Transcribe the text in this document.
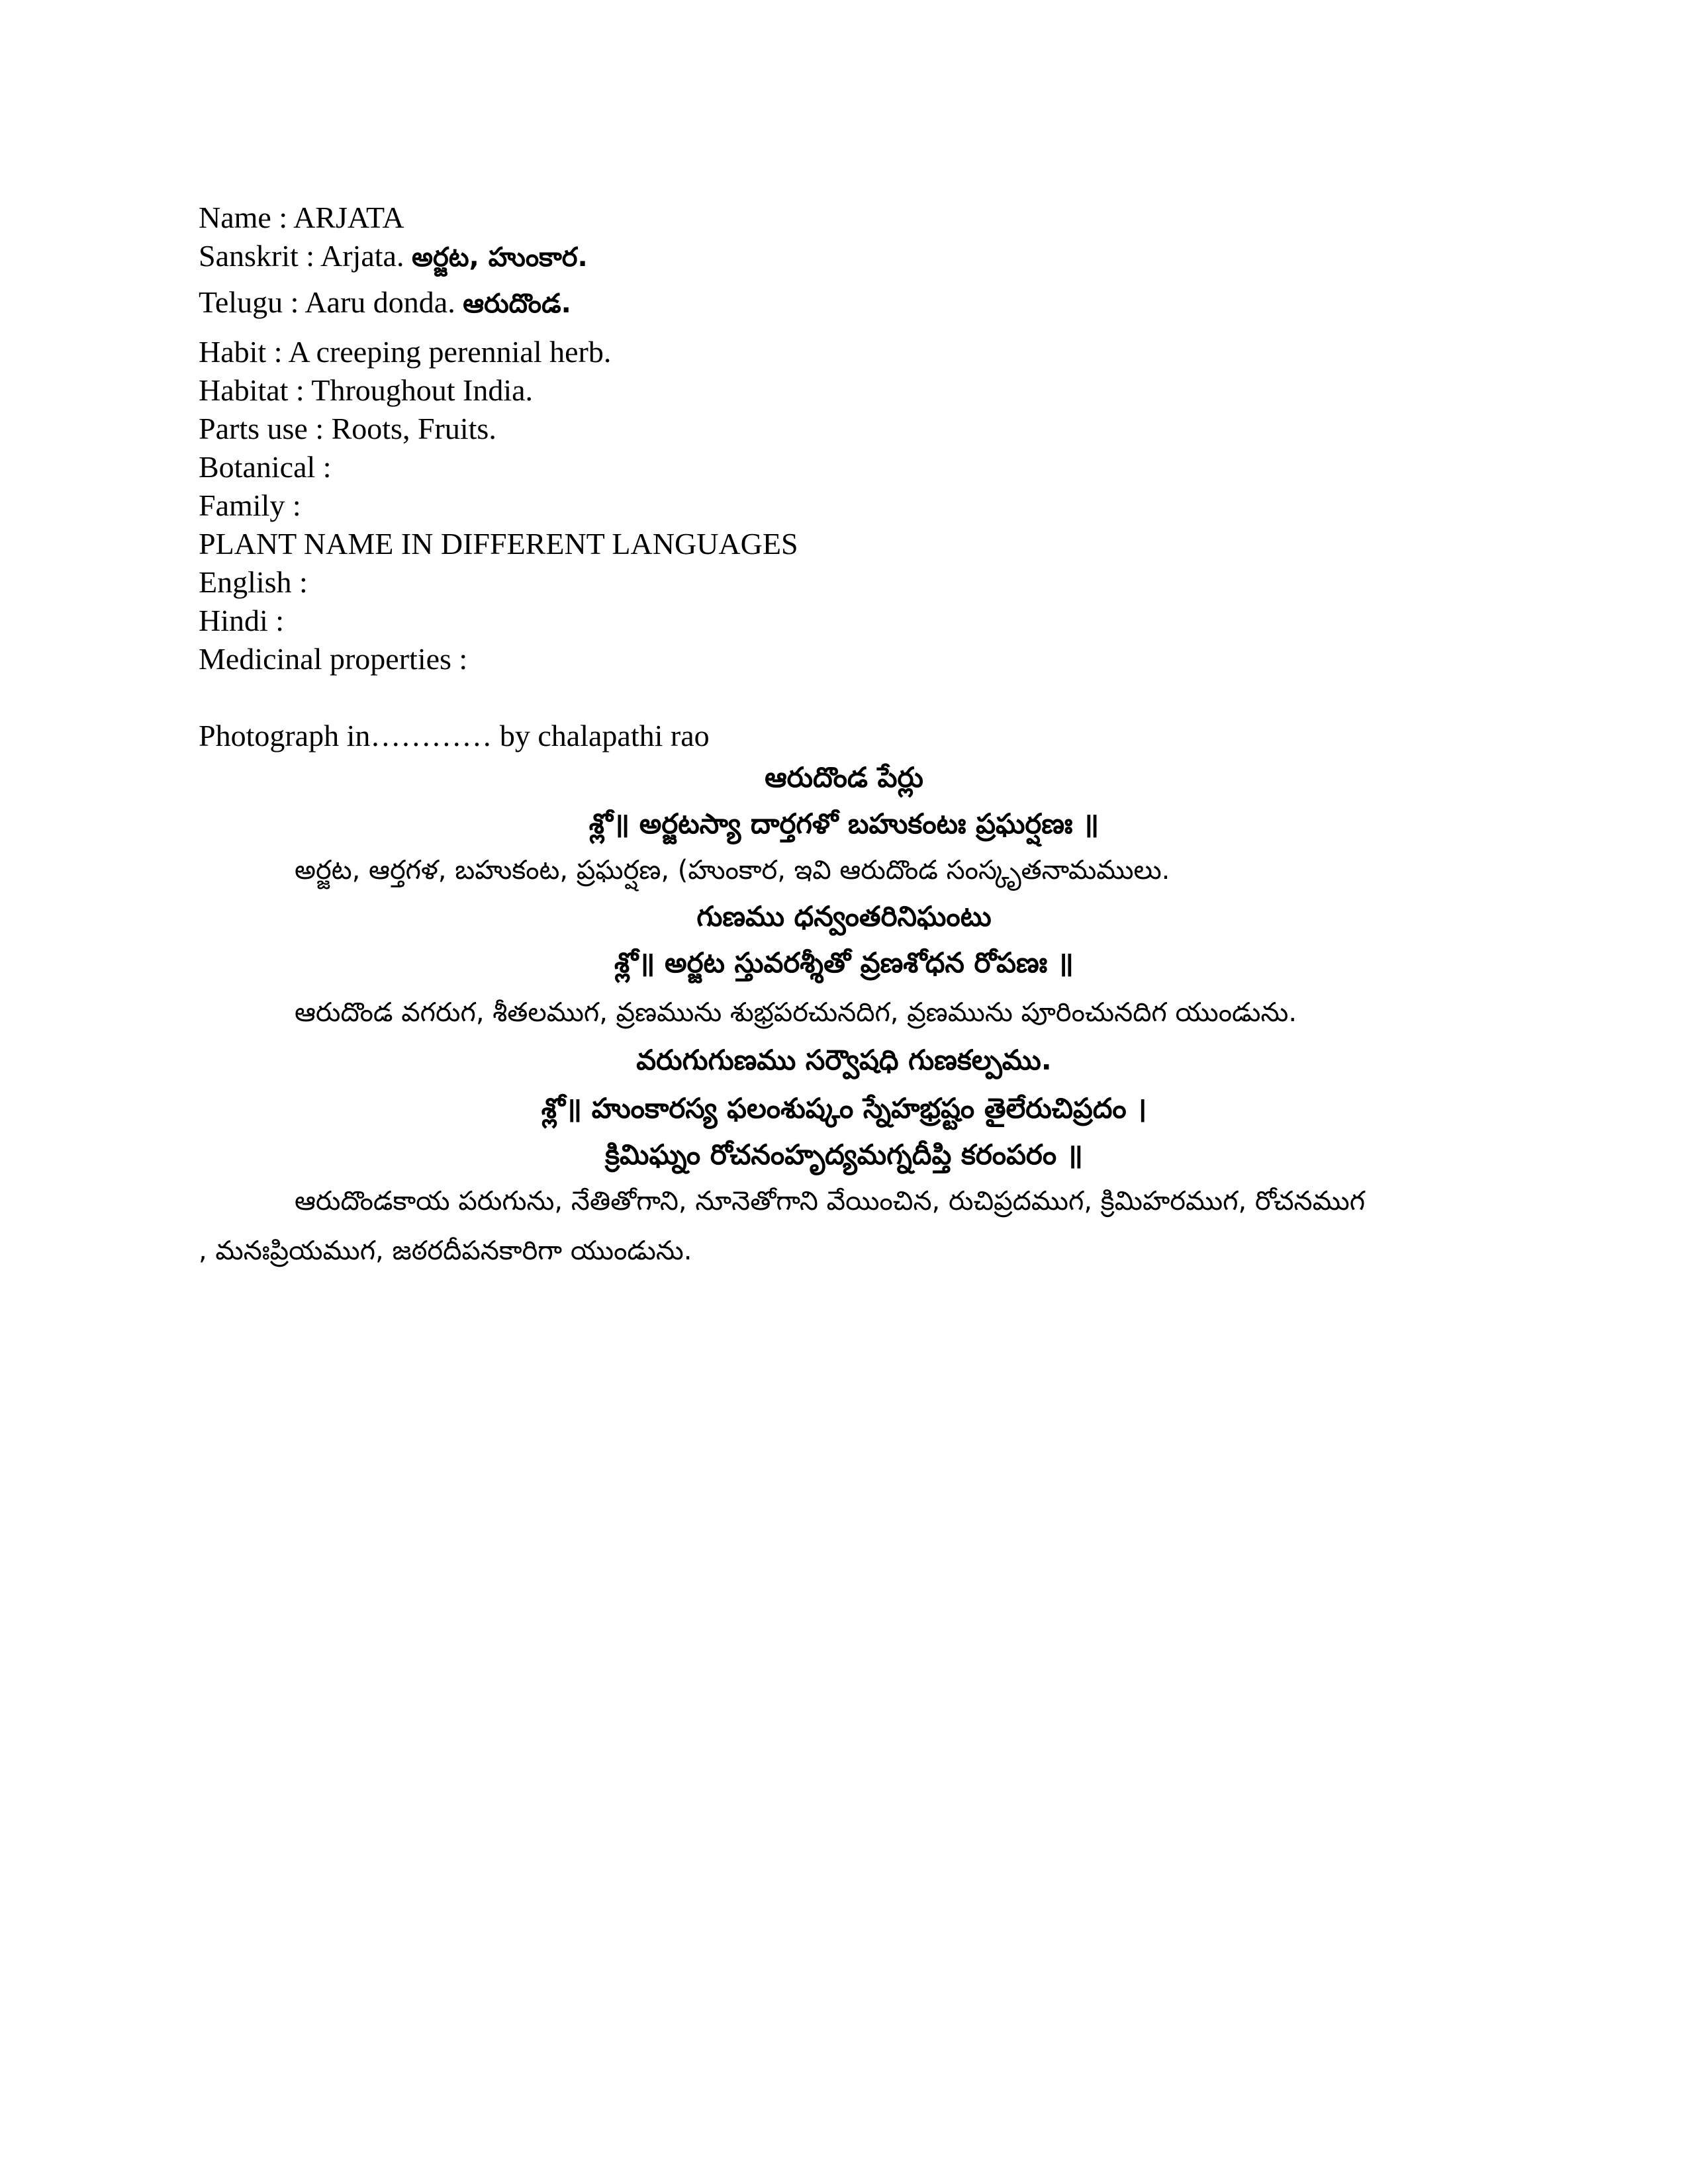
Name : ARJATA
Sanskrit : Arjata. అర్జట, హుంకార.
Telugu : Aaru donda. ఆరుదొండ.
Habit : A creeping perennial herb.
Habitat : Throughout India.
Parts use : Roots, Fruits.
Botanical :
Family :
PLANT NAME IN DIFFERENT LANGUAGES
English :
Hindi :
Medicinal properties :
Photograph in………… by chalapathi rao
ఆరుదొండ పేర్లు
శ్లో॥ అర్జటస్యా దార్తగళో బహుకంటః ప్రఘర్షణః ॥
అర్జట, ఆర్తగళ, బహుకంట, ప్రఘర్షణ, (హుంకార, ఇవి ఆరుదొండ సంస్కృతనామములు.
గుణము ధన్వంతరినిఘంటు
శ్లో॥ అర్జట స్తువరశ్శీతో వ్రణశోధన రోపణః ॥
ఆరుదొండ వగరుగ, శీతలముగ, వ్రణమును శుభ్రపరచునదిగ, వ్రణమును పూరించునదిగ యుండును.
వరుగుగుణము సర్వౌషధి గుణకల్పము.
శ్లో॥ హుంకారస్య ఫలంశుష్కం స్నేహభ్రష్టం తైలేరుచిప్రదం ।
క్రిమిఘ్నం రోచనంహృద్యమగ్నదీప్తి కరంపరం ॥
ఆరుదొండకాయ పరుగును, నేతితోగాని, నూనెతోగాని వేయించిన, రుచిప్రదముగ, క్రిమిహరముగ, రోచనముగ
, మనఃప్రియముగ, జఠరదీపనకారిగా యుండును.
